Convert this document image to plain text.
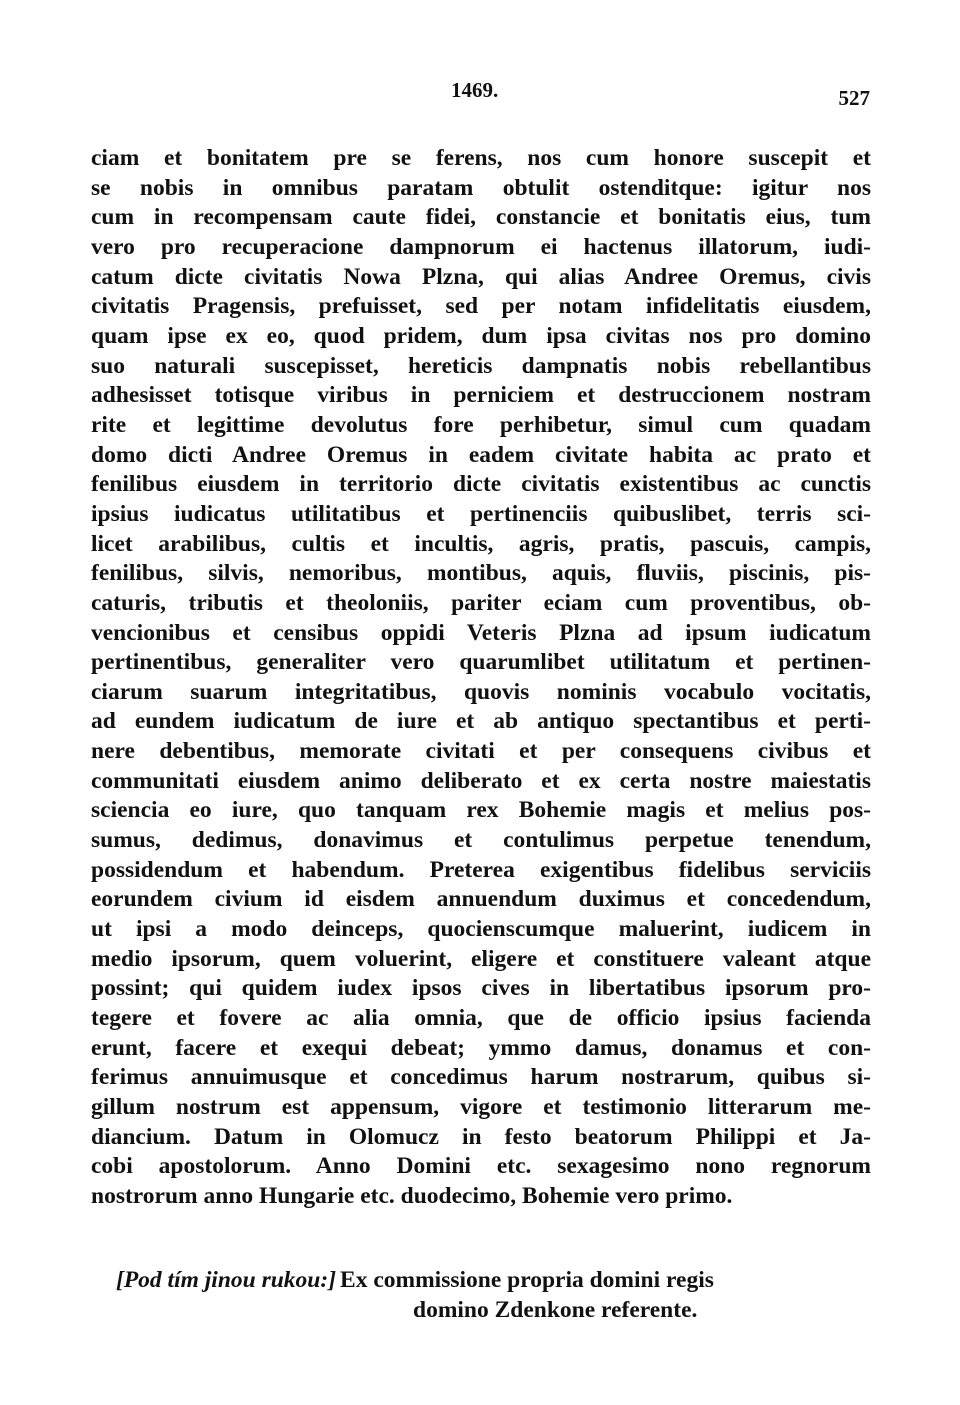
1469.	527
ciam et bonitatem pre se ferens, nos cum honore suscepit et
se nobis in omnibus paratam obtulit ostenditque: igitur nos
cum in recompensam caute fidei, constancie et bonitatis eius, tum
vero pro recuperacione dampnorum ei hactenus illatorum, iudi-
catum dicte civitatis Nowa Plzna, qui alias Andree Oremus, civis
civitatis Pragensis, prefuisset, sed per notam infidelitatis eiusdem,
quam ipse ex eo, quod pridem, dum ipsa civitas nos pro domino
suo naturali suscepisset, hereticis dampnatis nobis rebellantibus
adhesisset totisque viribus in perniciem et destruccionem nostram
rite et legittime devolutus fore perhibetur, simul cum quadam
domo dicti Andree Oremus in eadem civitate habita ac prato et
fenilibus eiusdem in territorio dicte civitatis existentibus ac cunctis
ipsius iudicatus utilitatibus et pertinenciis quibuslibet, terris sci-
licet arabilibus, cultis et incultis, agris, pratis, pascuis, campis,
fenilibus, silvis, nemoribus, montibus, aquis, fluviis, piscinis, pis-
caturis, tributis et theoloniis, pariter eciam cum proventibus, ob-
vencionibus et censibus oppidi Veteris Plzna ad ipsum iudicatum
pertinentibus, generaliter vero quarumlibet utilitatum et pertinen-
ciarum suarum integritatibus, quovis nominis vocabulo vocitatis,
ad eundem iudicatum de iure et ab antiquo spectantibus et perti-
nere debentibus, memorate civitati et per consequens civibus et
communitati eiusdem animo deliberato et ex certa nostre maiestatis
sciencia eo iure, quo tanquam rex Bohemie magis et melius pos-
sumus, dedimus, donavimus et contulimus perpetue tenendum,
possidendum et habendum. Preterea exigentibus fidelibus serviciis
eorundem civium id eisdem annuendum duximus et concedendum,
ut ipsi a modo deinceps, quocienscumque maluerint, iudicem in
medio ipsorum, quem voluerint, eligere et constituere valeant atque
possint; qui quidem iudex ipsos cives in libertatibus ipsorum pro-
tegere et fovere ac alia omnia, que de officio ipsius facienda
erunt, facere et exequi debeat; ymmo damus, donamus et con-
ferimus annuimusque et concedimus harum nostrarum, quibus si-
gillum nostrum est appensum, vigore et testimonio litterarum me-
diancium. Datum in Olomucz in festo beatorum Philippi et Ja-
cobi apostolorum. Anno Domini etc. sexagesimo nono regnorum
nostrorum anno Hungarie etc. duodecimo, Bohemie vero primo.
[Pod tím jinou rukou:] Ex commissione propria domini regis
domino Zdenkone referente.
